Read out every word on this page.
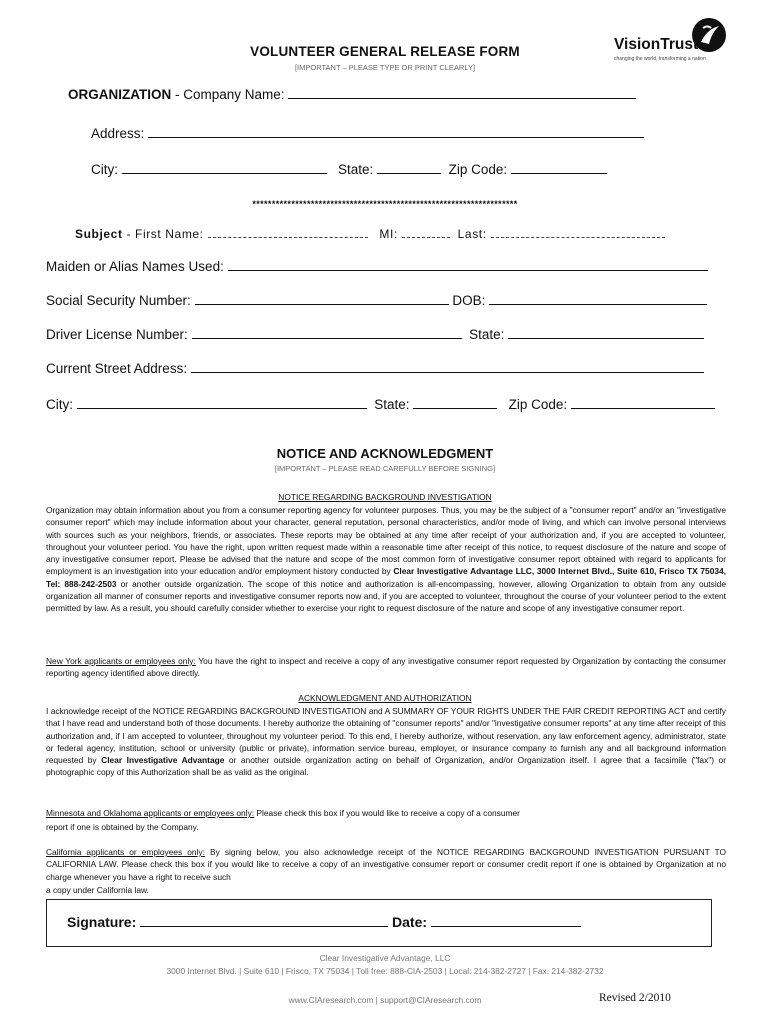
VOLUNTEER GENERAL RELEASE FORM
[IMPORTANT – PLEASE TYPE OR PRINT CLEARLY]
VisionTrust
changing the world, transforming a nation
ORGANIZATION - Company Name:
Address:
City:	State:	Zip Code:
********************************************************************
Subject - First Name:	MI:	Last:
Maiden or Alias Names Used:
Social Security Number:	DOB:
Driver License Number:	State:
Current Street Address:
City:	State:	Zip Code:
NOTICE AND ACKNOWLEDGMENT
[IMPORTANT – PLEASE READ CAREFULLY BEFORE SIGNING]
NOTICE REGARDING BACKGROUND INVESTIGATION
Organization may obtain information about you from a consumer reporting agency for volunteer purposes. Thus, you may be the subject of a "consumer report" and/or an "investigative consumer report" which may include information about your character, general reputation, personal characteristics, and/or mode of living, and which can involve personal interviews with sources such as your neighbors, friends, or associates. These reports may be obtained at any time after receipt of your authorization and, if you are accepted to volunteer, throughout your volunteer period. You have the right, upon written request made within a reasonable time after receipt of this notice, to request disclosure of the nature and scope of any investigative consumer report. Please be advised that the nature and scope of the most common form of investigative consumer report obtained with regard to applicants for employment is an investigation into your education and/or employment history conducted by Clear Investigative Advantage LLC, 3000 Internet Blvd., Suite 610, Frisco TX 75034, Tel: 888-242-2503 or another outside organization. The scope of this notice and authorization is all-encompassing, however, allowing Organization to obtain from any outside organization all manner of consumer reports and investigative consumer reports now and, if you are accepted to volunteer, throughout the course of your volunteer period to the extent permitted by law. As a result, you should carefully consider whether to exercise your right to request disclosure of the nature and scope of any investigative consumer report.
New York applicants or employees only: You have the right to inspect and receive a copy of any investigative consumer report requested by Organization by contacting the consumer reporting agency identified above directly.
ACKNOWLEDGMENT AND AUTHORIZATION
I acknowledge receipt of the NOTICE REGARDING BACKGROUND INVESTIGATION and A SUMMARY OF YOUR RIGHTS UNDER THE FAIR CREDIT REPORTING ACT and certify that I have read and understand both of those documents. I hereby authorize the obtaining of "consumer reports" and/or "investigative consumer reports" at any time after receipt of this authorization and, if I am accepted to volunteer, throughout my volunteer period. To this end, I hereby authorize, without reservation, any law enforcement agency, administrator, state or federal agency, institution, school or university (public or private), information service bureau, employer, or insurance company to furnish any and all background information requested by Clear Investigative Advantage or another outside organization acting on behalf of Organization, and/or Organization itself. I agree that a facsimile ("fax") or photographic copy of this Authorization shall be as valid as the original.
Minnesota and Oklahoma applicants or employees only: Please check this box if you would like to receive a copy of a consumer
report if one is obtained by the Company.
California applicants or employees only: By signing below, you also acknowledge receipt of the NOTICE REGARDING BACKGROUND INVESTIGATION PURSUANT TO CALIFORNIA LAW. Please check this box if you would like to receive a copy of an investigative consumer report or consumer credit report if one is obtained by Organization at no charge whenever you have a right to receive such
a copy under California law.
Signature:	Date:
Clear Investigative Advantage, LLC
3000 Internet Blvd. | Suite 610 | Frisco, TX 75034 | Toll free: 888-CIA-2503 | Local: 214-382-2727 | Fax: 214-382-2732
www.CIAresearch.com | support@CIAresearch.com	Revised 2/2010
